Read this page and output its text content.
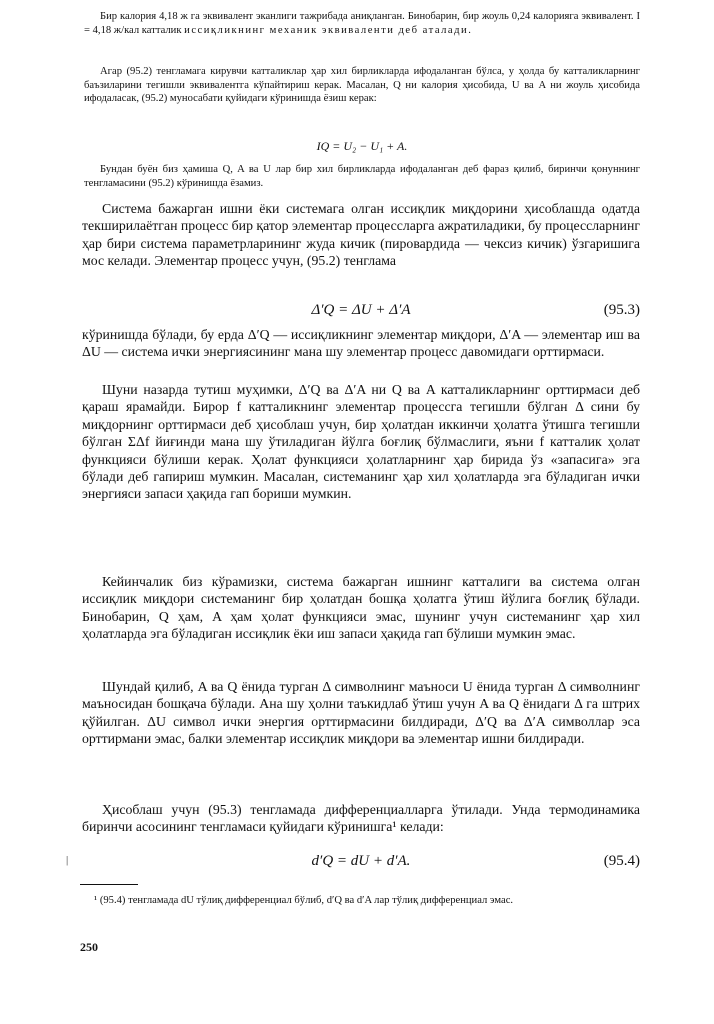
Бир калория 4,18 ж га эквивалент эканлиги тажрибада аниқланган. Бинобарин, бир жоуль 0,24 калорияга эквивалент. I = 4,18 ж/кал катталик иссиқликнинг механик эквиваленти деб аталади.

Агар (95.2) тенгламага кирувчи катталиклар ҳар хил бирликларда ифодаланган бўлса, у ҳолда бу катталикларнинг баъзиларини тегишли эквивалентга кўпайтириш керак. Масалан, Q ни калория ҳисобида, U ва A ни жоуль ҳисобида ифодаласак, (95.2) муносабати қуйидаги кўринишда ёзиш керак:

IQ = U₂ − U₁ + A.

Бундан буён биз ҳамиша Q, A ва U лар бир хил бирликларда ифодаланган деб фараз қилиб, биринчи қонуннинг тенгламасини (95.2) кўринишда ёзамиз.

Система бажарган ишни ёки системага олган иссиқлик миқдорини ҳисоблашда одатда текширилаётган процесс бир қатор элементар процессларга ажратиладики, бу процессларнинг ҳар бири система параметрларининг жуда кичик (пировардида — чексиз кичик) ўзгаришига мос келади. Элементар процесс учун, (95.2) тенглама

Δ′Q = ΔU + Δ′A	(95.3)

кўринишда бўлади, бу ерда Δ′Q — иссиқликнинг элементар миқдори, Δ′A — элементар иш ва ΔU — система ички энергиясининг мана шу элементар процесс давомидаги орттирмаси.

Шуни назарда тутиш муҳимки, Δ′Q ва Δ′A ни Q ва A катталикларнинг орттирмаси деб қараш ярамайди. Бирор f катталикнинг элементар процессга тегишли бўлган Δ сини бу миқдорнинг орттирмаси деб ҳисоблаш учун, бир ҳолатдан иккинчи ҳолатга ўтишга тегишли бўлган ΣΔf йиғинди мана шу ўтиладиган йўлга боғлиқ бўлмаслиги, яъни f катталик ҳолат функцияси бўлиши керак. Ҳолат функцияси ҳолатларнинг ҳар бирида ўз «запасига» эга бўлади деб гапириш мумкин. Масалан, системанинг ҳар хил ҳолатларда эга бўладиган ички энергияси запаси ҳақида гап бориши мумкин.

Кейинчалик биз кўрамизки, система бажарган ишнинг катталиги ва система олган иссиқлик миқдори системанинг бир ҳолатдан бошқа ҳолатга ўтиш йўлига боғлиқ бўлади. Бинобарин, Q ҳам, A ҳам ҳолат функцияси эмас, шунинг учун системанинг ҳар хил ҳолатларда эга бўладиган иссиқлик ёки иш запаси ҳақида гап бўлиши мумкин эмас.

Шундай қилиб, A ва Q ёнида турган Δ символнинг маъноси U ёнида турган Δ символнинг маъносидан бошқача бўлади. Ана шу ҳолни таъкидлаб ўтиш учун A ва Q ёнидаги Δ га штрих қўйилган. ΔU символ ички энергия орттирмасини билдиради, Δ′Q ва Δ′A символлар эса орттирмани эмас, балки элементар иссиқлик миқдори ва элементар ишни билдиради.

Ҳисоблаш учун (95.3) тенгламада дифференциалларга ўтилади. Унда термодинамика биринчи асосининг тенгламаси қуйидаги кўринишга¹ келади:

d′Q = dU + d′A.	(95.4)
|
¹ (95.4) тенгламада dU тўлиқ дифференциал бўлиб, d′Q ва d′A лар тўлиқ дифференциал эмас.
250
